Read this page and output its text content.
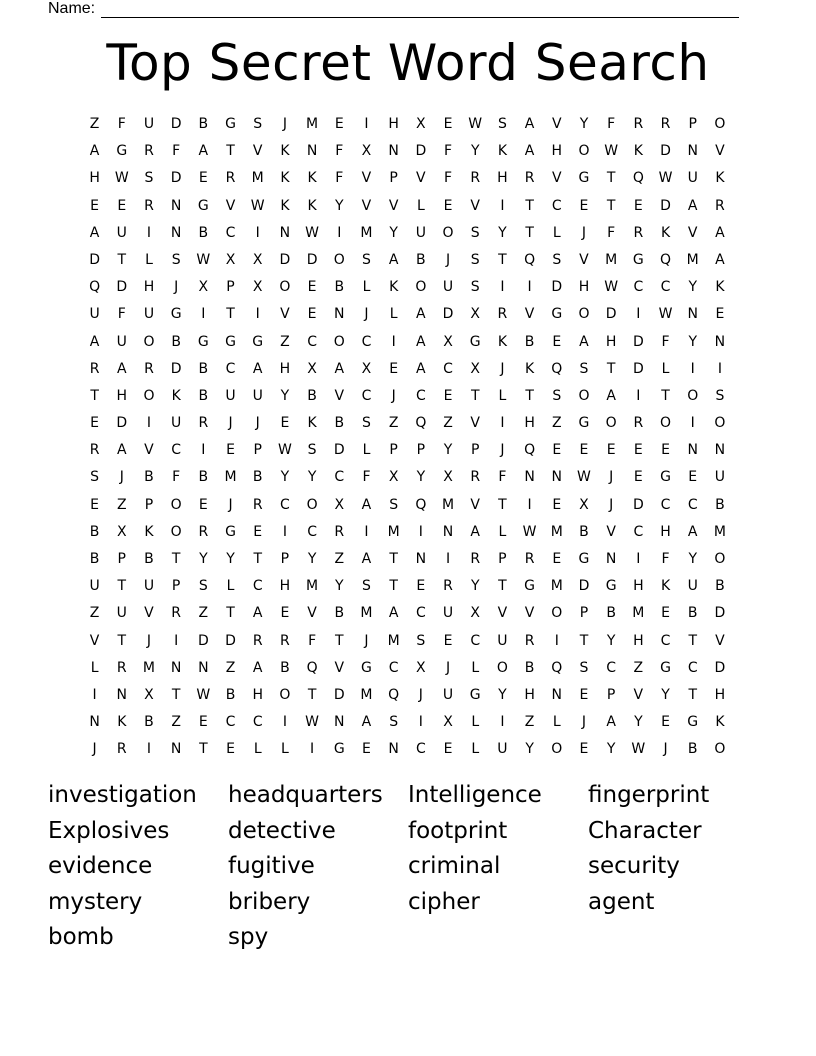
Name:
Top Secret Word Search
Z	F	U	D	B	G	S	J	M	E	I	H	X	E	W	S	A	V	Y	F	R	R	P	O
A	G	R	F	A	T	V	K	N	F	X	N	D	F	Y	K	A	H	O	W	K	D	N	V
H	W	S	D	E	R	M	K	K	F	V	P	V	F	R	H	R	V	G	T	Q	W	U	K
E	E	R	N	G	V	W	K	K	Y	V	V	L	E	V	I	T	C	E	T	E	D	A	R
A	U	I	N	B	C	I	N	W	I	M	Y	U	O	S	Y	T	L	J	F	R	K	V	A
D	T	L	S	W	X	X	D	D	O	S	A	B	J	S	T	Q	S	V	M	G	Q	M	A
Q	D	H	J	X	P	X	O	E	B	L	K	O	U	S	I	I	D	H	W	C	C	Y	K
U	F	U	G	I	T	I	V	E	N	J	L	A	D	X	R	V	G	O	D	I	W	N	E
A	U	O	B	G	G	G	Z	C	O	C	I	A	X	G	K	B	E	A	H	D	F	Y	N
R	A	R	D	B	C	A	H	X	A	X	E	A	C	X	J	K	Q	S	T	D	L	I	I
T	H	O	K	B	U	U	Y	B	V	C	J	C	E	T	L	T	S	O	A	I	T	O	S
E	D	I	U	R	J	J	E	K	B	S	Z	Q	Z	V	I	H	Z	G	O	R	O	I	O
R	A	V	C	I	E	P	W	S	D	L	P	P	Y	P	J	Q	E	E	E	E	E	N	N
S	J	B	F	B	M	B	Y	Y	C	F	X	Y	X	R	F	N	N	W	J	E	G	E	U
E	Z	P	O	E	J	R	C	O	X	A	S	Q	M	V	T	I	E	X	J	D	C	C	B
B	X	K	O	R	G	E	I	C	R	I	M	I	N	A	L	W	M	B	V	C	H	A	M
B	P	B	T	Y	Y	T	P	Y	Z	A	T	N	I	R	P	R	E	G	N	I	F	Y	O
U	T	U	P	S	L	C	H	M	Y	S	T	E	R	Y	T	G	M	D	G	H	K	U	B
Z	U	V	R	Z	T	A	E	V	B	M	A	C	U	X	V	V	O	P	B	M	E	B	D
V	T	J	I	D	D	R	R	F	T	J	M	S	E	C	U	R	I	T	Y	H	C	T	V
L	R	M	N	N	Z	A	B	Q	V	G	C	X	J	L	O	B	Q	S	C	Z	G	C	D
I	N	X	T	W	B	H	O	T	D	M	Q	J	U	G	Y	H	N	E	P	V	Y	T	H
N	K	B	Z	E	C	C	I	W	N	A	S	I	X	L	I	Z	L	J	A	Y	E	G	K
J	R	I	N	T	E	L	L	I	G	E	N	C	E	L	U	Y	O	E	Y	W	J	B	O
investigation	headquarters	Intelligence	fingerprint
Explosives	detective	footprint	Character
evidence	fugitive	criminal	security
mystery	bribery	cipher	agent
bomb	spy
